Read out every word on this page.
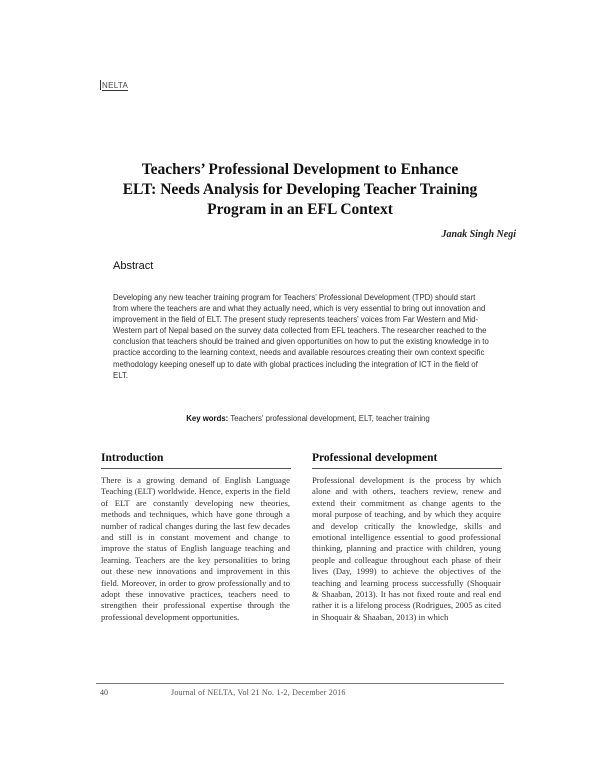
NELTA
Teachers’ Professional Development to Enhance
ELT: Needs Analysis for Developing Teacher Training
Program in an EFL Context
Janak Singh Negi
Abstract
Developing any new teacher training program for Teachers' Professional Development (TPD) should start from where the teachers are and what they actually need, which is very essential to bring out innovation and improvement in the field of ELT. The present study represents teachers' voices from Far Western and Mid-Western part of Nepal based on the survey data collected from EFL teachers. The researcher reached to the conclusion that teachers should be trained and given opportunities on how to put the existing knowledge in to practice according to the learning context, needs and available resources creating their own context specific methodology keeping oneself up to date with global practices including the integration of ICT in the field of ELT.
Key words: Teachers' professional development, ELT, teacher training
Introduction
There is a growing demand of English Language Teaching (ELT) worldwide. Hence, experts in the field of ELT are constantly developing new theories, methods and techniques, which have gone through a number of radical changes during the last few decades and still is in constant movement and change to improve the status of English language teaching and learning. Teachers are the key personalities to bring out these new innovations and improvement in this field. Moreover, in order to grow professionally and to adopt these innovative practices, teachers need to strengthen their professional expertise through the professional development opportunities.
Professional development
Professional development is the process by which alone and with others, teachers review, renew and extend their commitment as change agents to the moral purpose of teaching, and by which they acquire and develop critically the knowledge, skills and emotional intelligence essential to good professional thinking, planning and practice with children, young people and colleague throughout each phase of their lives (Day, 1999) to achieve the objectives of the teaching and learning process successfully (Shoquair & Shaaban, 2013). It has not fixed route and real end rather it is a lifelong process (Rodrigues, 2005 as cited in Shoquair & Shaaban, 2013) in which
40	Journal of NELTA, Vol 21 No. 1-2, December 2016
